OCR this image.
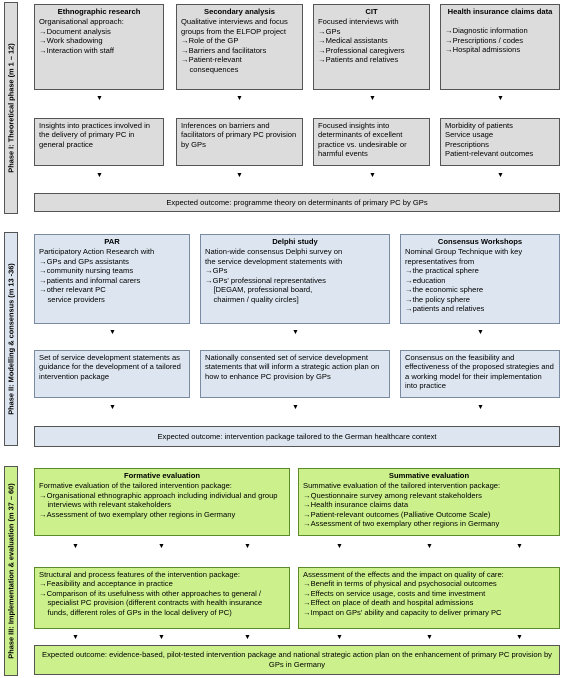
Phase I: Theoretical phase (m 1 – 12)
Phase II: Modelling & consensus (m 13 -36)
Phase III: Implementation & evaluation (m 37 – 60)
Ethnographic research
Organisational approach:
→Document analysis
→Work shadowing
→Interaction with staff
Secondary analysis
Qualitative interviews and focus
groups from the ELFOP project
→Role of the GP
→Barriers and facilitators
→Patient-relevant
consequences
CIT
Focused interviews with
→GPs
→Medical assistants
→Professional caregivers
→Patients and relatives
Health insurance claims data
→Diagnostic information
→Prescriptions / codes
→Hospital admissions
▼	▼	▼	▼
Insights into practices involved in the delivery of primary PC in general practice
Inferences on barriers and facilitators of primary PC provision by GPs
Focused insights into determinants of excellent practice vs. undesirable or harmful events
Morbidity of patients
Service usage
Prescriptions
Patient-relevant outcomes
▼	▼	▼	▼
Expected outcome: programme theory on determinants of primary PC by GPs
PAR
Participatory Action Research with
→GPs and GPs assistants
→community nursing teams
→patients and informal carers
→other relevant PC
service providers
Delphi study
Nation-wide consensus Delphi survey on
the service development statements with
→GPs
→GPs' professional representatives
[DEGAM, professional board,
chairmen / quality circles]
Consensus Workshops
Nominal Group Technique with key
representatives from
→the practical sphere
→education
→the economic sphere
→the policy sphere
→patients and relatives
▼	▼	▼
Set of service development statements as guidance for the development of a tailored intervention package
Nationally consented set of service development statements that will inform a strategic action plan on how to enhance PC provision by GPs
Consensus on the feasibility and effectiveness of the proposed strategies and a working model for their implementation into practice
▼	▼	▼
Expected outcome: intervention package tailored to the German healthcare context
Formative evaluation
Formative evaluation of the tailored intervention package:
→Organisational ethnographic approach including individual and group
interviews with relevant stakeholders
→Assessment of two exemplary other regions in Germany
Summative evaluation
Summative evaluation of the tailored intervention package:
→Questionnaire survey among relevant stakeholders
→Health insurance claims data
→Patient-relevant outcomes (Palliative Outcome Scale)
→Assessment of two exemplary other regions in Germany
▼	▼	▼	▼	▼	▼
Structural and process features of the intervention package:
→Feasibility and acceptance in practice
→Comparison of its usefulness with other approaches to general /
specialist PC provision (different contracts with health insurance
funds, different roles of GPs in the local delivery of PC)
Assessment of the effects and the impact on quality of care:
→Benefit in terms of physical and psychosocial outcomes
→Effects on service usage, costs and time investment
→Effect on place of death and hospital admissions
→Impact on GPs' ability and capacity to deliver primary PC
▼	▼	▼	▼	▼	▼
Expected outcome: evidence-based, pilot-tested intervention package and national strategic action plan on the enhancement of primary PC provision by GPs in Germany
